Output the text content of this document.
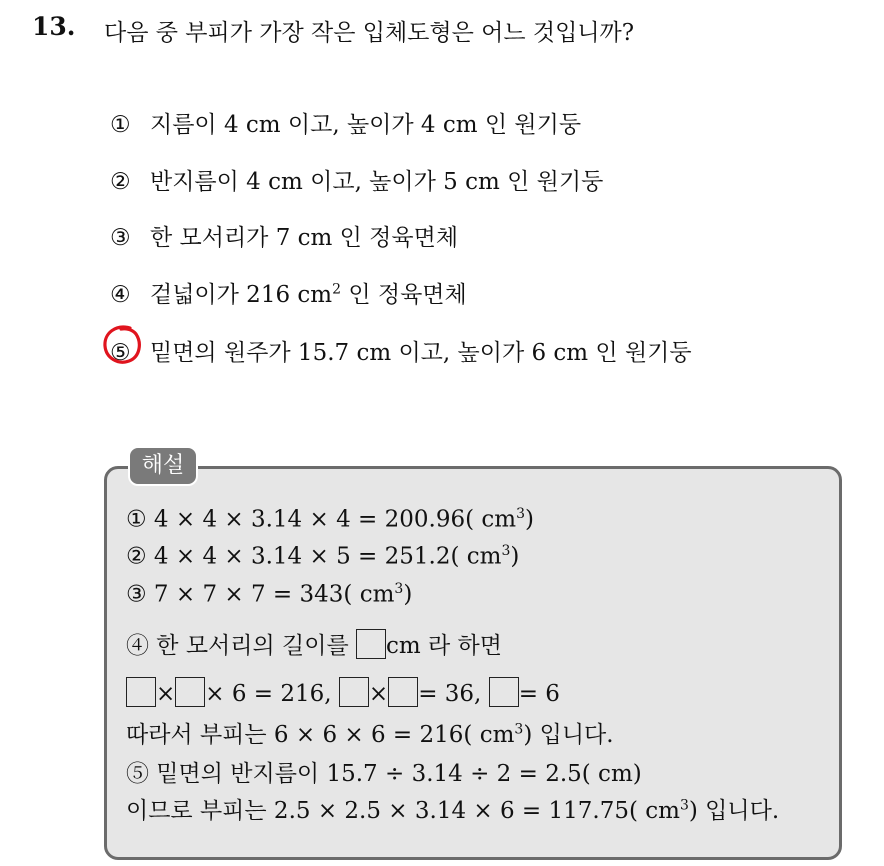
13. 다음 중 부피가 가장 작은 입체도형은 어느 것입니까?
① 지름이 4 cm 이고, 높이가 4 cm 인 원기둥
② 반지름이 4 cm 이고, 높이가 5 cm 인 원기둥
③ 한 모서리가 7 cm 인 정육면체
④ 겉넓이가 216 $cm^2$ 인 정육면체
⑤ 밑면의 원주가 15.7 cm 이고, 높이가 6 cm 인 원기둥
해설
① 4 × 4 × 3.14 × 4 = 200.96( $cm^3$)
② 4 × 4 × 3.14 × 5 = 251.2( $cm^3$)
③ 7 × 7 × 7 = 343( $cm^3$)
④ 한 모서리의 길이를 cm 라 하면
× × 6 = 216, × = 36, = 6
따라서 부피는 6 × 6 × 6 = 216( $cm^3$) 입니다.
⑤ 밑면의 반지름이 15.7 ÷ 3.14 ÷ 2 = 2.5( cm)
이므로 부피는 2.5 × 2.5 × 3.14 × 6 = 117.75( $cm^3$) 입니다.
